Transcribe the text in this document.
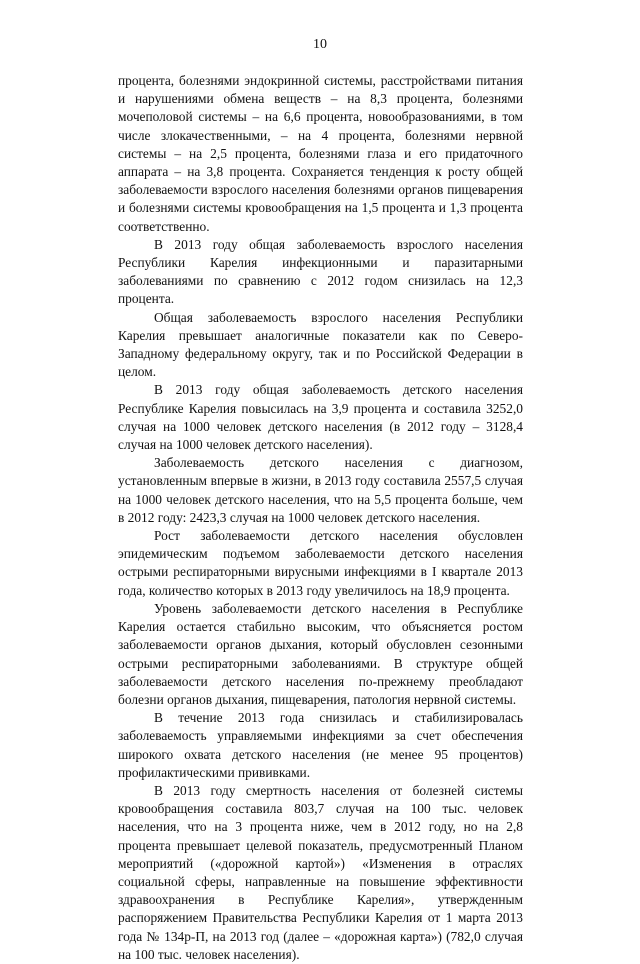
10

процента, болезнями эндокринной системы, расстройствами питания и нарушениями обмена веществ – на 8,3 процента, болезнями мочеполовой системы – на 6,6 процента, новообразованиями, в том числе злокачественными, – на 4 процента, болезнями нервной системы – на 2,5 процента, болезнями глаза и его придаточного аппарата – на 3,8 процента. Сохраняется тенденция к росту общей заболеваемости взрослого населения болезнями органов пищеварения и болезнями системы кровообращения на 1,5 процента и 1,3 процента соответственно.

В 2013 году общая заболеваемость взрослого населения Республики Карелия инфекционными и паразитарными заболеваниями по сравнению с 2012 годом снизилась на 12,3 процента.

Общая заболеваемость взрослого населения Республики Карелия превышает аналогичные показатели как по Северо-Западному федеральному округу, так и по Российской Федерации в целом.

В 2013 году общая заболеваемость детского населения Республике Карелия повысилась на 3,9 процента и составила 3252,0 случая на 1000 человек детского населения (в 2012 году – 3128,4 случая на 1000 человек детского населения).

Заболеваемость детского населения с диагнозом, установленным впервые в жизни, в 2013 году составила 2557,5 случая на 1000 человек детского населения, что на 5,5 процента больше, чем в 2012 году: 2423,3 случая на 1000 человек детского населения.

Рост заболеваемости детского населения обусловлен эпидемическим подъемом заболеваемости детского населения острыми респираторными вирусными инфекциями в I квартале 2013 года, количество которых в 2013 году увеличилось на 18,9 процента.

Уровень заболеваемости детского населения в Республике Карелия остается стабильно высоким, что объясняется ростом заболеваемости органов дыхания, который обусловлен сезонными острыми респираторными заболеваниями. В структуре общей заболеваемости детского населения по-прежнему преобладают болезни органов дыхания, пищеварения, патология нервной системы.

В течение 2013 года снизилась и стабилизировалась заболеваемость управляемыми инфекциями за счет обеспечения широкого охвата детского населения (не менее 95 процентов) профилактическими прививками.

В 2013 году смертность населения от болезней системы кровообращения составила 803,7 случая на 100 тыс. человек населения, что на 3 процента ниже, чем в 2012 году, но на 2,8 процента превышает целевой показатель, предусмотренный Планом мероприятий («дорожной картой») «Изменения в отраслях социальной сферы, направленные на повышение эффективности здравоохранения в Республике Карелия», утвержденным распоряжением Правительства Республики Карелия от 1 марта 2013 года № 134р-П, на 2013 год (далее – «дорожная карта») (782,0 случая на 100 тыс. человек населения).
